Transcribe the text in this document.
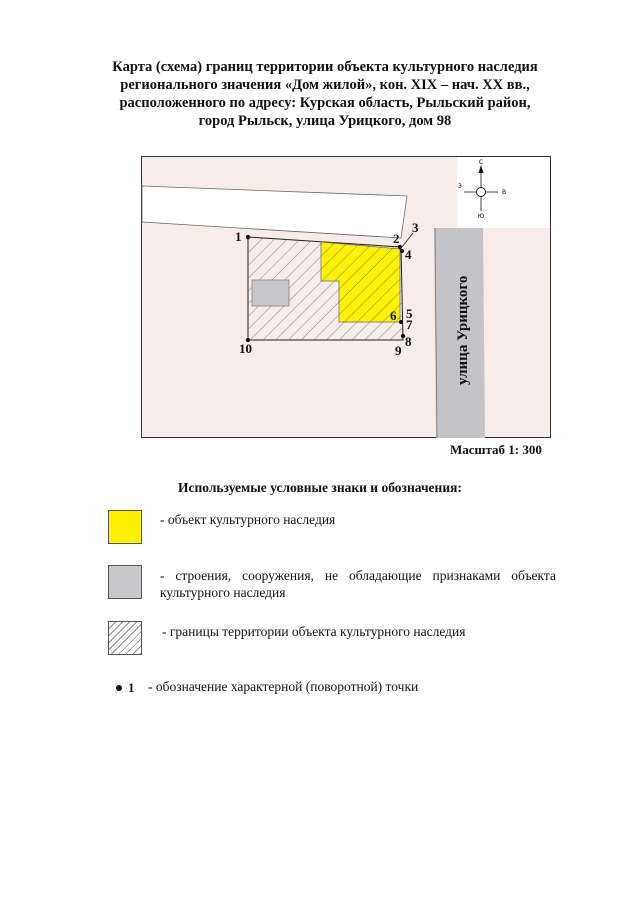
Карта (схема) границ территории объекта культурного наследия
регионального значения «Дом жилой», кон. XIX – нач. XX вв.,
расположенного по адресу: Курская область, Рыльский район,
город Рыльск, улица Урицкого, дом 98
С
Ю
В
З
1	2
3
4
5
6
7
8
9
10	улица Урицкого
Масштаб 1: 300
Используемые условные знаки и обозначения:
- объект культурного наследия
- строения, сооружения, не обладающие признаками объекта культурного наследия
- границы территории объекта культурного наследия
1 - обозначение характерной (поворотной) точки
